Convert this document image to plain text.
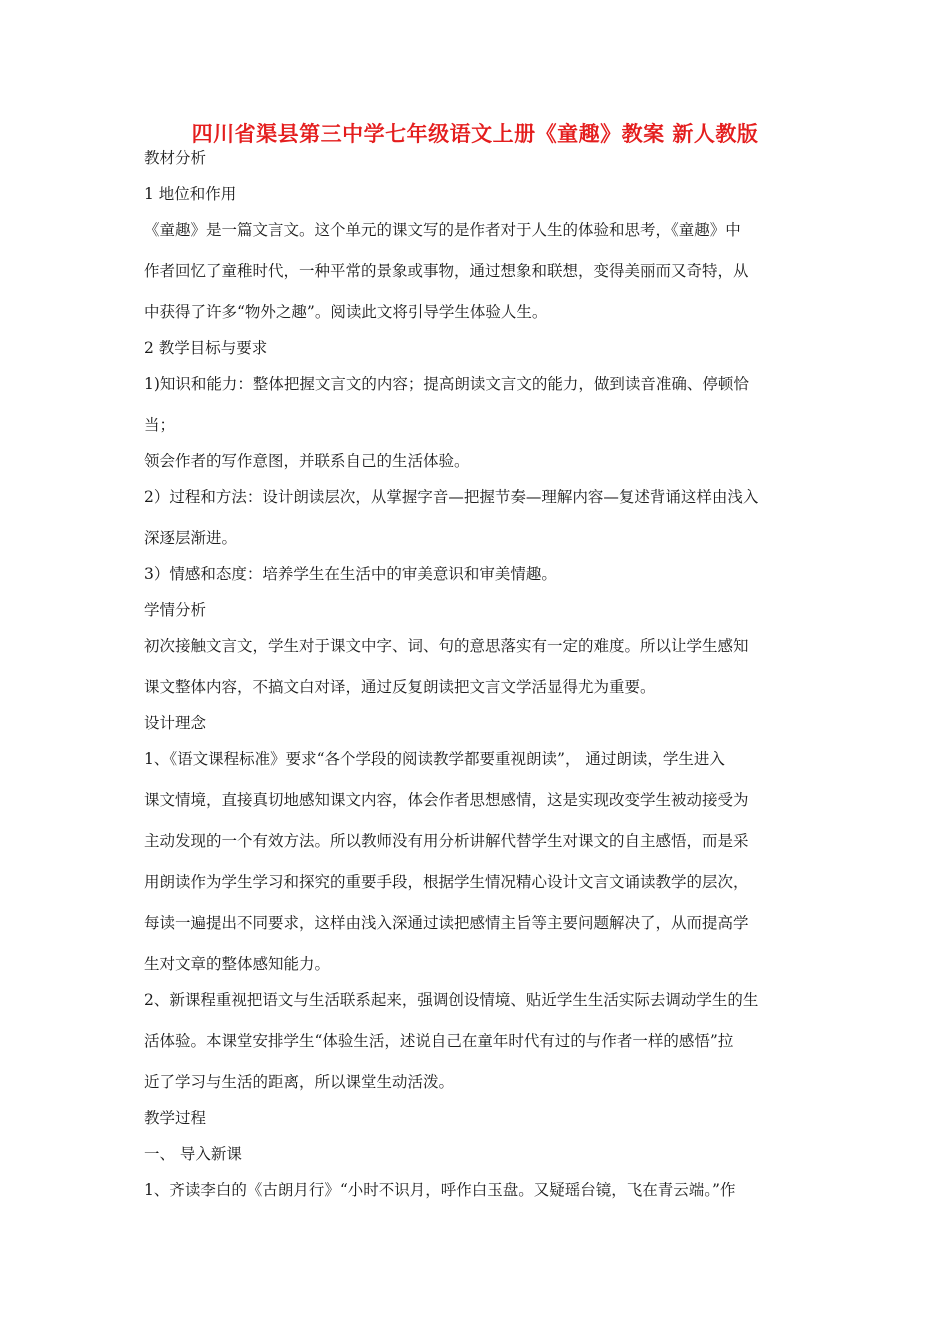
四川省渠县第三中学七年级语文上册《童趣》教案 新人教版
教材分析
1 地位和作用
《童趣》是一篇文言文。这个单元的课文写的是作者对于人生的体验和思考，《童趣》中
作者回忆了童稚时代，一种平常的景象或事物，通过想象和联想，变得美丽而又奇特，从
中获得了许多“物外之趣”。阅读此文将引导学生体验人生。
2 教学目标与要求
1)知识和能力：整体把握文言文的内容；提高朗读文言文的能力，做到读音准确、停顿恰
当；
领会作者的写作意图，并联系自己的生活体验。
2）过程和方法：设计朗读层次，从掌握字音—把握节奏—理解内容—复述背诵这样由浅入
深逐层渐进。
3）情感和态度：培养学生在生活中的审美意识和审美情趣。
学情分析
初次接触文言文，学生对于课文中字、词、句的意思落实有一定的难度。所以让学生感知
课文整体内容，不搞文白对译，通过反复朗读把文言文学活显得尤为重要。
设计理念
1、《语文课程标准》要求“各个学段的阅读教学都要重视朗读”， 通过朗读，学生进入
课文情境，直接真切地感知课文内容，体会作者思想感情，这是实现改变学生被动接受为
主动发现的一个有效方法。所以教师没有用分析讲解代替学生对课文的自主感悟，而是采
用朗读作为学生学习和探究的重要手段，根据学生情况精心设计文言文诵读教学的层次，
每读一遍提出不同要求，这样由浅入深通过读把感情主旨等主要问题解决了，从而提高学
生对文章的整体感知能力。
2、新课程重视把语文与生活联系起来，强调创设情境、贴近学生生活实际去调动学生的生
活体验。本课堂安排学生“体验生活，述说自己在童年时代有过的与作者一样的感悟”拉
近了学习与生活的距离，所以课堂生动活泼。
教学过程
一、 导入新课
1、齐读李白的《古朗月行》“小时不识月，呼作白玉盘。又疑瑶台镜，飞在青云端。”作
